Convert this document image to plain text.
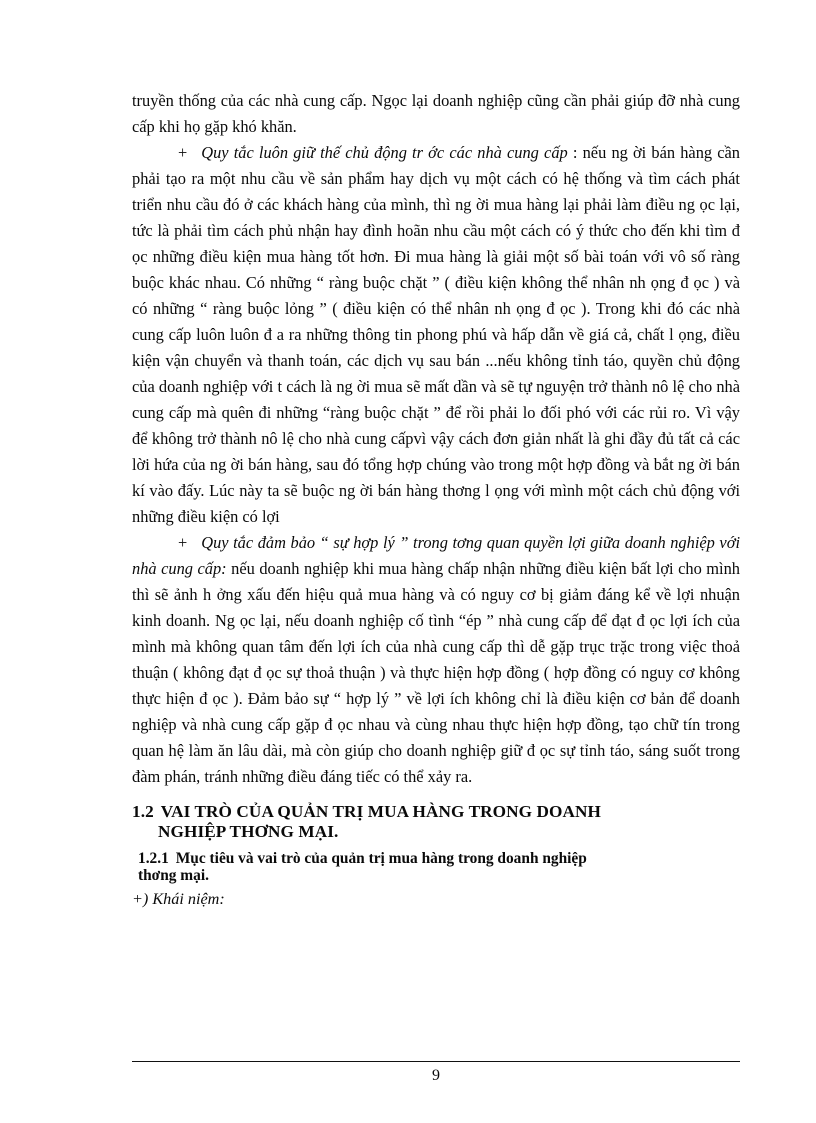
truyền thống của các nhà cung cấp. Ngọc lại doanh nghiệp cũng cần phải giúp đỡ nhà cung cấp khi họ gặp khó khăn.

+ Quy tắc luôn giữ thế chủ động tr ớc các nhà cung cấp : nếu ng ời bán hàng cần phải tạo ra một nhu cầu về sản phẩm hay dịch vụ một cách có hệ thống và tìm cách phát triển nhu cầu đó ở các khách hàng của mình, thì ng ời mua hàng lại phải làm điều ng ọc lại, tức là phải tìm cách phủ nhận hay đình hoãn nhu cầu một cách có ý thức cho đến khi tìm đ ọc những điều kiện mua hàng tốt hơn. Đi mua hàng là giải một số bài toán với vô số ràng buộc khác nhau. Có những “ ràng buộc chặt ” ( điều kiện không thể nhân nh ọng đ ọc ) và có những “ ràng buộc lỏng ” ( điều kiện có thể nhân nh ọng đ ọc ). Trong khi đó các nhà cung cấp luôn luôn đ a ra những thông tin phong phú và hấp dẫn về giá cả, chất l ọng, điều kiện vận chuyển và thanh toán, các dịch vụ sau bán ...nếu không tỉnh táo, quyền chủ động của doanh nghiệp với t cách là ng ời mua sẽ mất dần và sẽ tự nguyện trở thành nô lệ cho nhà cung cấp mà quên đi những “ràng buộc chặt ” để rồi phải lo đối phó với các rủi ro. Vì vậy để không trở thành nô lệ cho nhà cung cấpvì vậy cách đơn giản nhất là ghi đầy đủ tất cả các lời hứa của ng ời bán hàng, sau đó tổng hợp chúng vào trong một hợp đồng và bắt ng ời bán kí vào đấy. Lúc này ta sẽ buộc ng ời bán hàng thơng l ọng với mình một cách chủ động với những điều kiện có lợi

+ Quy tắc đảm bảo “ sự hợp lý ” trong tơng quan quyền lợi giữa doanh nghiệp với nhà cung cấp: nếu doanh nghiệp khi mua hàng chấp nhận những điều kiện bất lợi cho mình thì sẽ ảnh h ởng xấu đến hiệu quả mua hàng và có nguy cơ bị giảm đáng kể về lợi nhuận kinh doanh. Ng ọc lại, nếu doanh nghiệp cố tình “ép ” nhà cung cấp để đạt đ ọc lợi ích của mình mà không quan tâm đến lợi ích của nhà cung cấp thì dễ gặp trục trặc trong việc thoả thuận ( không đạt đ ọc sự thoả thuận ) và thực hiện hợp đồng ( hợp đồng có nguy cơ không thực hiện đ ọc ). Đảm bảo sự “ hợp lý ” về lợi ích không chỉ là điều kiện cơ bản để doanh nghiệp và nhà cung cấp gặp đ ọc nhau và cùng nhau thực hiện hợp đồng, tạo chữ tín trong quan hệ làm ăn lâu dài, mà còn giúp cho doanh nghiệp giữ đ ọc sự tỉnh táo, sáng suốt trong đàm phán, tránh những điều đáng tiếc có thể xảy ra.

1.2 VAI TRÒ CỦA QUẢN TRỊ MUA HÀNG TRONG DOANH
NGHIỆP THƠNG MẠI.
1.2.1 Mục tiêu và vai trò của quản trị mua hàng trong doanh nghiệp
thơng mại.
+) Khái niệm:
9
